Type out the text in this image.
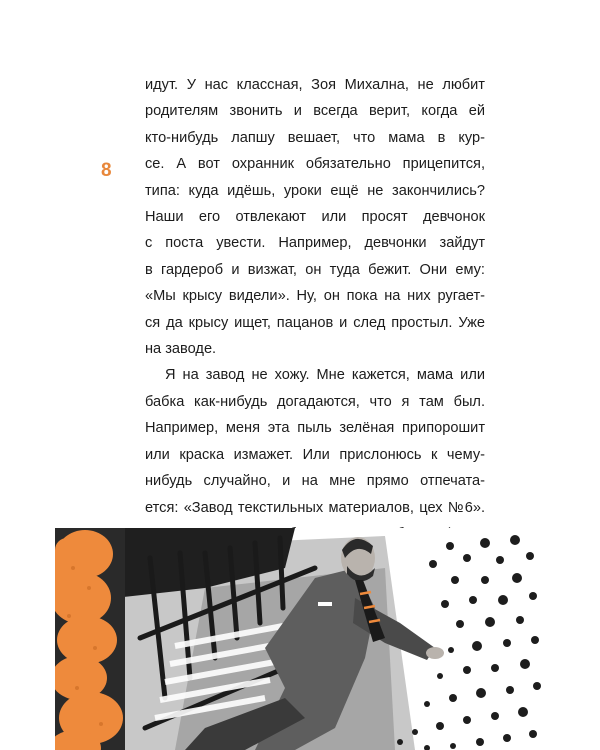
8
идут. У нас классная, Зоя Михална, не любит
родителям звонить и всегда верит, когда ей
кто-нибудь лапшу вешает, что мама в кур-
се. А вот охранник обязательно прицепится,
типа: куда идёшь, уроки ещё не закончились?
Наши его отвлекают или просят девчонок
с поста увести. Например, девчонки зайдут
в гардероб и визжат, он туда бежит. Они ему:
«Мы крысу видели». Ну, он пока на них ругает-
ся да крысу ищет, пацанов и след простыл. Уже
на заводе.
Я на завод не хожу. Мне кажется, мама или
бабка как-нибудь догадаются, что я там был.
Например, меня эта пыль зелёная припорошит
или краска измажет. Или прислонюсь к чему-
нибудь случайно, и на мне прямо отпечата-
ется: «Завод текстильных материалов, цех №6».
